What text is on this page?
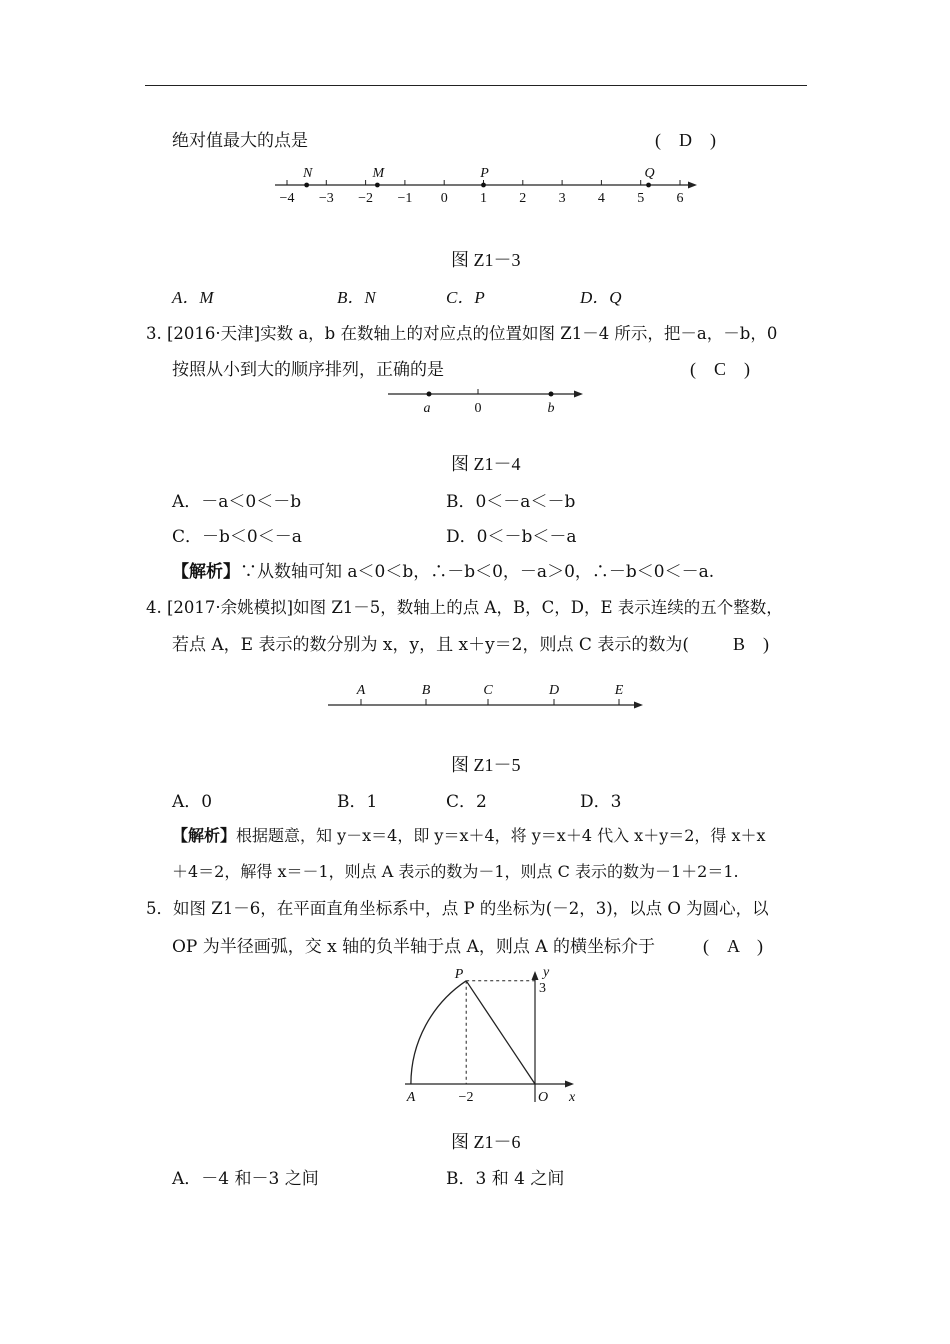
绝对值最大的点是	(　D　)
−4 −3 −2 −1 0 1 2 3 4 5 6
N	M	P	Q
图 Z1－3
A．M	B．N	C．P	D．Q
3. [2016·天津]实数 a，b 在数轴上的对应点的位置如图 Z1－4 所示，把－a，－b，0
按照从小到大的顺序排列，正确的是	(　C　)
a	0	b
图 Z1－4
A．－a＜0＜－b	B．0＜－a＜－b
C．－b＜0＜－a	D．0＜－b＜－a
【解析】∵从数轴可知 a＜0＜b，∴－b＜0，－a＞0，∴－b＜0＜－a.
4. [2017·余姚模拟]如图 Z1－5，数轴上的点 A，B，C，D，E 表示连续的五个整数，
若点 A，E 表示的数分别为 x，y，且 x＋y＝2，则点 C 表示的数为( B　)
A	B	C	D	E
图 Z1－5
A．0	B．1	C．2	D．3
【解析】根据题意，知 y－x＝4，即 y＝x＋4，将 y＝x＋4 代入 x＋y＝2，得 x＋x
＋4＝2，解得 x＝－1，则点 A 表示的数为－1，则点 C 表示的数为－1＋2＝1.
5．如图 Z1－6，在平面直角坐标系中，点 P 的坐标为(－2，3)，以点 O 为圆心，以
OP 为半径画弧，交 x 轴的负半轴于点 A，则点 A 的横坐标介于	(　A　)
P	y
3
A	−2	O x
图 Z1－6
A．－4 和－3 之间	B．3 和 4 之间
